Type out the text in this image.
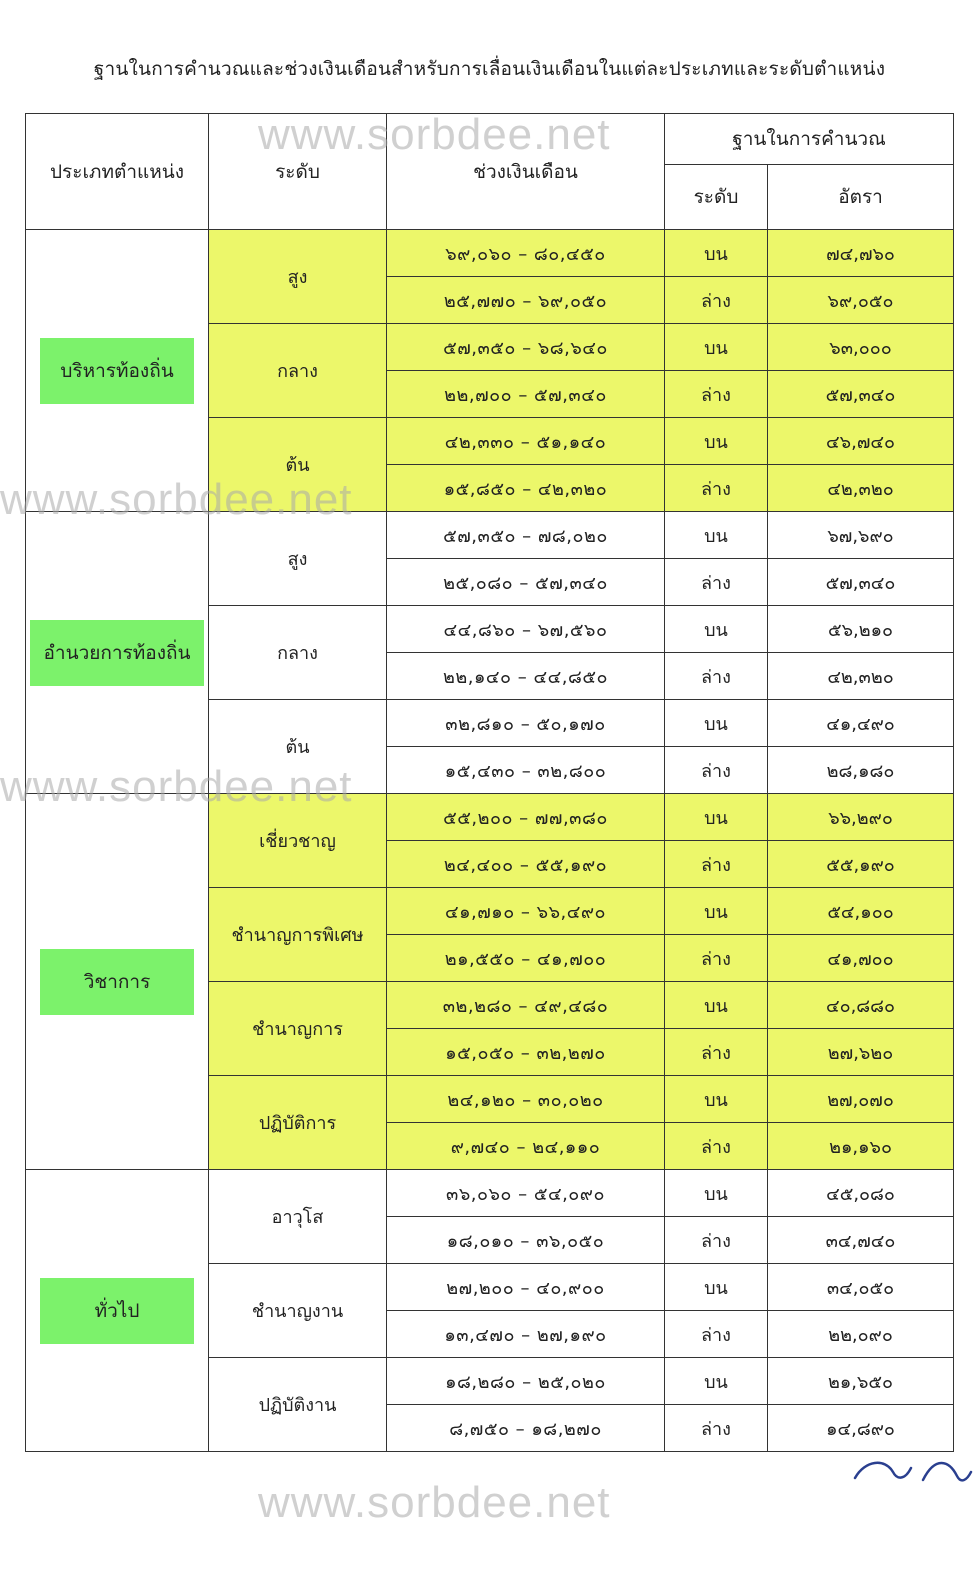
ฐานในการคำนวณและช่วงเงินเดือนสำหรับการเลื่อนเงินเดือนในแต่ละประเภทและระดับตำแหน่ง
ประเภทตำแหน่ง	ระดับ	ช่วงเงินเดือน	ฐานในการคำนวณ	
			ระดับ	อัตรา
บริหารท้องถิ่น	สูง	๖๙,๐๖๐ – ๘๐,๔๕๐	บน	๗๔,๗๖๐
		๒๕,๗๗๐ – ๖๙,๐๕๐	ล่าง	๖๙,๐๕๐
	กลาง	๕๗,๓๕๐ – ๖๘,๖๔๐	บน	๖๓,๐๐๐
		๒๒,๗๐๐ – ๕๗,๓๔๐	ล่าง	๕๗,๓๔๐
	ต้น	๔๒,๓๓๐ – ๕๑,๑๔๐	บน	๔๖,๗๔๐
		๑๕,๘๕๐ – ๔๒,๓๒๐	ล่าง	๔๒,๓๒๐
อำนวยการท้องถิ่น	สูง	๕๗,๓๕๐ – ๗๘,๐๒๐	บน	๖๗,๖๙๐
		๒๕,๐๘๐ – ๕๗,๓๔๐	ล่าง	๕๗,๓๔๐
	กลาง	๔๔,๘๖๐ – ๖๗,๕๖๐	บน	๕๖,๒๑๐
		๒๒,๑๔๐ – ๔๔,๘๕๐	ล่าง	๔๒,๓๒๐
	ต้น	๓๒,๘๑๐ – ๕๐,๑๗๐	บน	๔๑,๔๙๐
		๑๕,๔๓๐ – ๓๒,๘๐๐	ล่าง	๒๘,๑๘๐
วิชาการ	เชี่ยวชาญ	๕๕,๒๐๐ – ๗๗,๓๘๐	บน	๖๖,๒๙๐
		๒๔,๔๐๐ – ๕๕,๑๙๐	ล่าง	๕๕,๑๙๐
	ชำนาญการพิเศษ	๔๑,๗๑๐ – ๖๖,๔๙๐	บน	๕๔,๑๐๐
		๒๑,๕๕๐ – ๔๑,๗๐๐	ล่าง	๔๑,๗๐๐
	ชำนาญการ	๓๒,๒๘๐ – ๔๙,๔๘๐	บน	๔๐,๘๘๐
		๑๕,๐๕๐ – ๓๒,๒๗๐	ล่าง	๒๗,๖๒๐
	ปฏิบัติการ	๒๔,๑๒๐ – ๓๐,๐๒๐	บน	๒๗,๐๗๐
		๙,๗๔๐ – ๒๔,๑๑๐	ล่าง	๒๑,๑๖๐
ทั่วไป	อาวุโส	๓๖,๐๖๐ – ๕๔,๐๙๐	บน	๔๕,๐๘๐
		๑๘,๐๑๐ – ๓๖,๐๕๐	ล่าง	๓๔,๗๔๐
	ชำนาญงาน	๒๗,๒๐๐ – ๔๐,๙๐๐	บน	๓๔,๐๕๐
		๑๓,๔๗๐ – ๒๗,๑๙๐	ล่าง	๒๒,๐๙๐
	ปฏิบัติงาน	๑๘,๒๘๐ – ๒๕,๐๒๐	บน	๒๑,๖๕๐
		๘,๗๕๐ – ๑๘,๒๗๐	ล่าง	๑๔,๘๙๐
www.sorbdee.net
www.sorbdee.net
www.sorbdee.net
www.sorbdee.net
